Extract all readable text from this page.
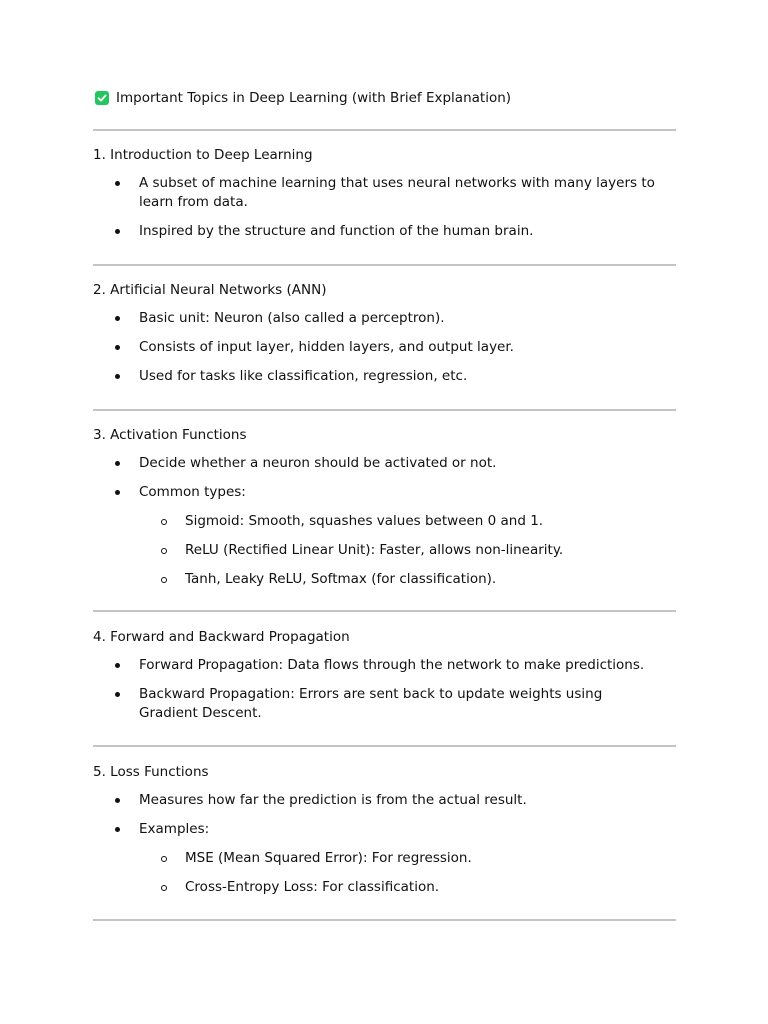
Important Topics in Deep Learning (with Brief Explanation)
1. Introduction to Deep Learning
A subset of machine learning that uses neural networks with many layers to learn from data.
Inspired by the structure and function of the human brain.
2. Artificial Neural Networks (ANN)
Basic unit: Neuron (also called a perceptron).
Consists of input layer, hidden layers, and output layer.
Used for tasks like classification, regression, etc.
3. Activation Functions
Decide whether a neuron should be activated or not.
Common types:
Sigmoid: Smooth, squashes values between 0 and 1.
ReLU (Rectified Linear Unit): Faster, allows non-linearity.
Tanh, Leaky ReLU, Softmax (for classification).
4. Forward and Backward Propagation
Forward Propagation: Data flows through the network to make predictions.
Backward Propagation: Errors are sent back to update weights using Gradient Descent.
5. Loss Functions
Measures how far the prediction is from the actual result.
Examples:
MSE (Mean Squared Error): For regression.
Cross-Entropy Loss: For classification.
